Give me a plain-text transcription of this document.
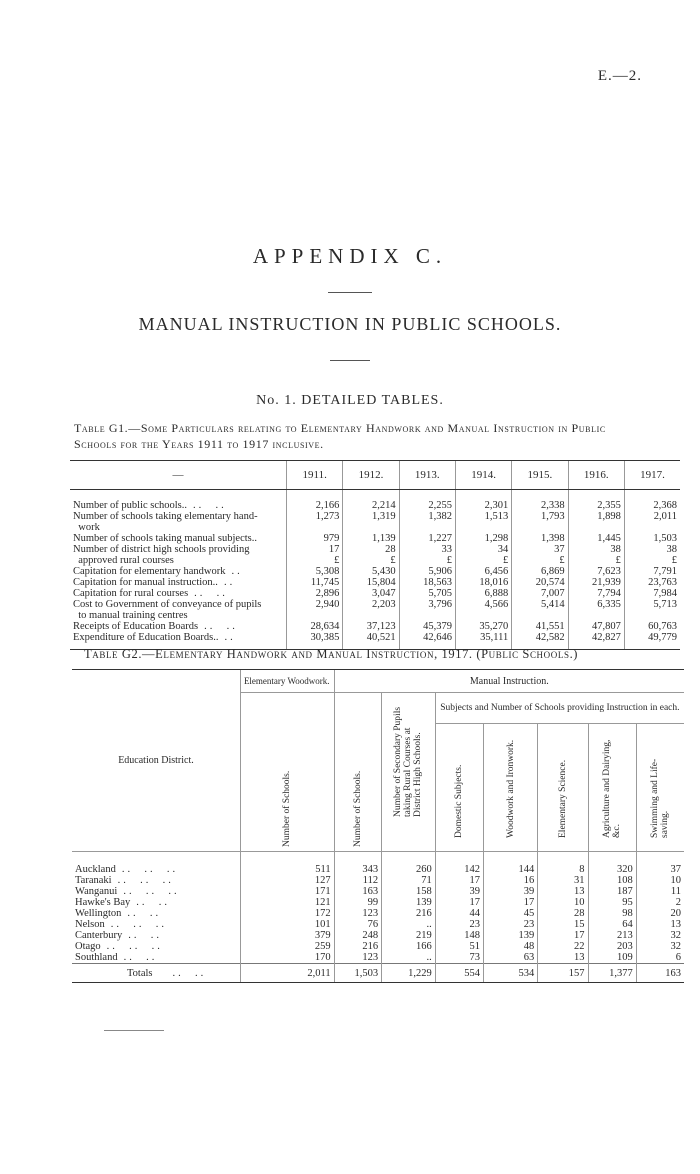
E.—2.
APPENDIX C.
MANUAL INSTRUCTION IN PUBLIC SCHOOLS.
No. 1. DETAILED TABLES.
Table G1.—Some Particulars relating to Elementary Handwork and Manual Instruction in Public Schools for the Years 1911 to 1917 inclusive.
—	1911.	1912.	1913.	1914.	1915.	1916.	1917.

Number of public schools.. ..  ..	2,166	2,214	2,255	2,301	2,338	2,355	2,368
Number of schools taking elementary hand-	1,273	1,319	1,382	1,513	1,793	1,898	2,011
work							
Number of schools taking manual subjects..	979	1,139	1,227	1,298	1,398	1,445	1,503
Number of district high schools providing	17	28	33	34	37	38	38
approved rural courses	£	£	£	£	£	£	£
Capitation for elementary handwork ..	5,308	5,430	5,906	6,456	6,869	7,623	7,791
Capitation for manual instruction.. ..	11,745	15,804	18,563	18,016	20,574	21,939	23,763
Capitation for rural courses ..  ..	2,896	3,047	5,705	6,888	7,007	7,794	7,984
Cost to Government of conveyance of pupils	2,940	2,203	3,796	4,566	5,414	6,335	5,713
to manual training centres							
Receipts of Education Boards ..  ..	28,634	37,123	45,379	35,270	41,551	47,807	60,763
Expenditure of Education Boards.. ..	30,385	40,521	42,646	35,111	42,582	42,827	49,779
Table G2.—Elementary Handwork and Manual Instruction, 1917. (Public Schools.)
Education District.	Elementary Woodwork.	Manual Instruction.						

	Number of Schools.	Number of Schools.	Number of Secondary Pupils taking Rural Courses at District High Schools.	Subjects and Number of Schools providing Instruction in each.				

				Domestic Subjects.	Woodwork and Ironwork.	Elementary Science.	Agriculture and Dairying, &c.	Swimming and Life-saving.

Auckland ..  ..  ..	511	343	260	142	144	8	320	37
Taranaki ..  ..  ..	127	112	71	17	16	31	108	10
Wanganui ..  ..  ..	171	163	158	39	39	13	187	11
Hawke's Bay ..  ..	121	99	139	17	17	10	95	2
Wellington ..  ..	172	123	216	44	45	28	98	20
Nelson ..  ..  ..	101	76	..	23	23	15	64	13
Canterbury ..  ..	379	248	219	148	139	17	213	32
Otago ..  ..  ..	259	216	166	51	48	22	203	32
Southland ..  ..	170	123	..	73	63	13	109	6
Totals ..  ..	2,011	1,503	1,229	554	534	157	1,377	163
